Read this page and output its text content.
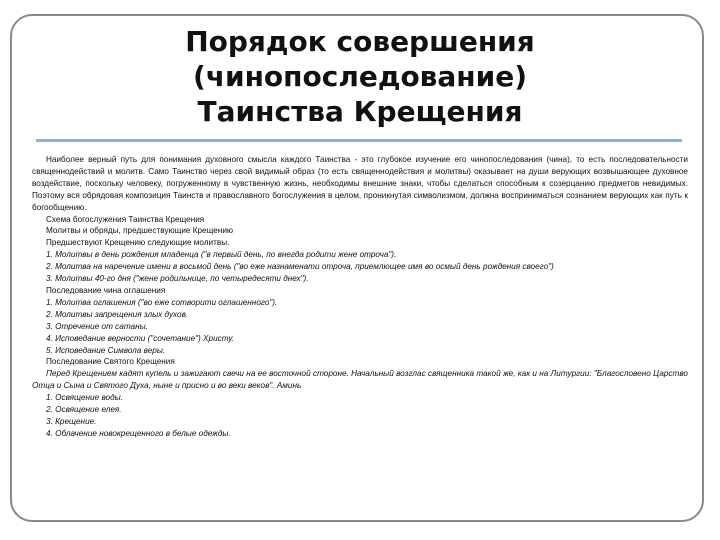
Порядок совершения
(чинопоследование)
Таинства Крещения

Наиболее верный путь для понимания духовного смысла каждого Таинства - это глубокое изучение его чинопоследования (чина), то есть последовательности священнодействий и молитв. Само Таинство через свой видимый образ (то есть священнодействия и молитвы) оказывает на души верующих возвышающее духовное воздействие, поскольку человеку, погруженному в чувственную жизнь, необходимы внешние знаки, чтобы сделаться способным к созерцанию предметов невидимых. Поэтому вся обрядовая композиция Таинств и православного богослужения в целом, проникнутая символизмом, должна восприниматься сознанием верующих как путь к богообщению.

Схема богослужения Таинства Крещения

Молитвы и обряды, предшествующие Крещению

Предшествуют Крещению следующие молитвы.

1. Молитвы в день рождения младенца ("в первый день, по внегда родити жене отроча").

2. Молитва на наречение имени в восьмой день ("во еже назнаменати отроча, приемлющее имя во осмый день рождения своего")

3. Молитвы 40-го дня ("жене родильнице, по четыредесяти днех").

Последование чина оглашения

1. Молитва оглашения ("во еже сотворити оглашенного").

2. Молитвы запрещения злых духов.

3. Отречение от сатаны.

4. Исповедание верности ("сочетание") Христу.

5. Исповедание Символа веры.

Последование Святого Крещения

Перед Крещением кадят купель и зажигают свечи на ее восточной стороне. Начальный возглас священника такой же, как и на Литургии: "Благословено Царство Отца и Сына и Святого Духа, ныне и присно и во веки веков". Аминь

1. Освящение воды.

2. Освящение елея.

3. Крещение.

4. Облачение новокрещенного в белые одежды.
